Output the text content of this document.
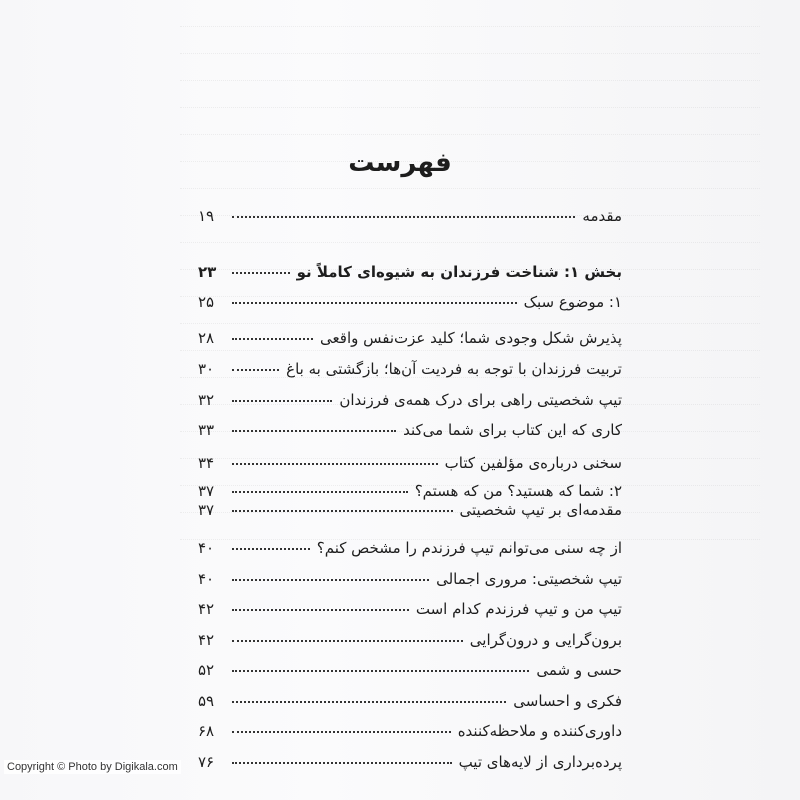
فهرست
مقدمه
۱۹
بخش ۱: شناخت فرزندان به شیوه‌ای کاملاً نو
۲۳
۱: موضوع سبک
۲۵
پذیرش شکل وجودی شما؛ کلید عزت‌نفس واقعی
۲۸
تربیت فرزندان با توجه به فردیت آن‌ها؛ بازگشتی به باغ
۳۰
تیپ شخصیتی راهی برای درک همه‌ی فرزندان
۳۲
کاری که این کتاب برای شما می‌کند
۳۳
سخنی درباره‌ی مؤلفین کتاب
۳۴
۲: شما که هستید؟ من که هستم؟
۳۷
مقدمه‌ای بر تیپ شخصیتی
۳۷
از چه سنی می‌توانم تیپ فرزندم را مشخص کنم؟
۴۰
تیپ شخصیتی: مروری اجمالی
۴۰
تیپ من و تیپ فرزندم کدام است
۴۲
برون‌گرایی و درون‌گرایی
۴۲
حسی و شمی
۵۲
فکری و احساسی
۵۹
داوری‌کننده و ملاحظه‌کننده
۶۸
پرده‌برداری از لایه‌های تیپ
۷۶
Copyright © Photo by Digikala.com
